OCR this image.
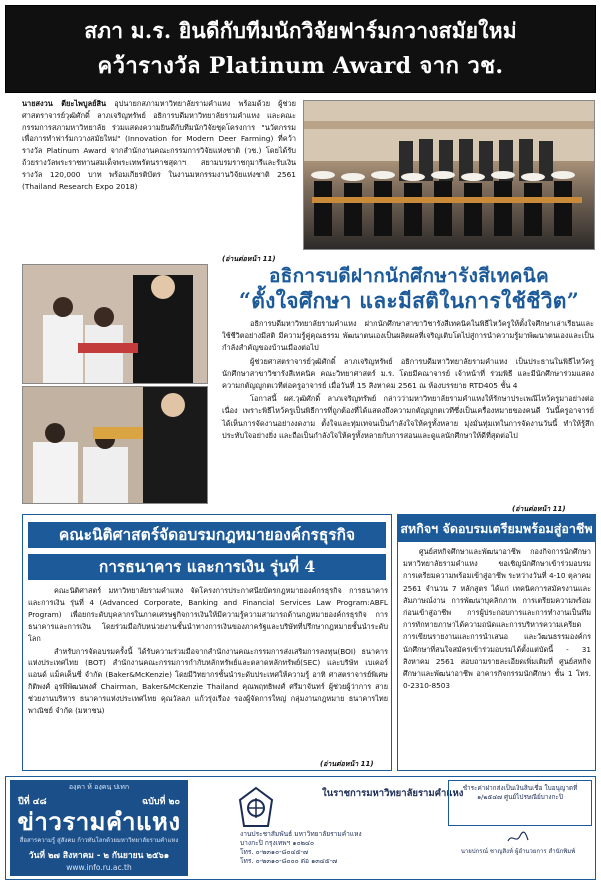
สภา ม.ร. ยินดีกับทีมนักวิจัยฟาร์มกวางสมัยใหม่
คว้ารางวัล Platinum Award จาก วช.
นายสงวน ตียะไพบูลย์สิน อุปนายกสภามหาวิทยาลัยรามคำแหง พร้อมด้วย ผู้ช่วยศาสตราจารย์วุฒิศักดิ์ ลาภเจริญทรัพย์ อธิการบดีมหาวิทยาลัยรามคำแหง และคณะกรรมการสภามหาวิทยาลัย ร่วมแสดงความยินดีกับทีมนักวิจัยชุดโครงการ "นวัตกรรมเพื่อการทำฟาร์มกวางสมัยใหม่" (Innovation for Modern Deer Farming) ที่คว้ารางวัล Platinum Award จากสำนักงานคณะกรรมการวิจัยแห่งชาติ (วช.) โดยได้รับถ้วยรางวัลพระราชทานสมเด็จพระเทพรัตนราชสุดาฯ สยามบรมราชกุมารีและรับเงินรางวัล 120,000 บาท พร้อมเกียรติบัตร ในงานมหกรรมงานวิจัยแห่งชาติ 2561 (Thailand Research Expo 2018)
(อ่านต่อหน้า 11)
อธิการบดีฝากนักศึกษารังสีเทคนิค
“ตั้งใจศึกษา และมีสติในการใช้ชีวิต”

อธิการบดีมหาวิทยาลัยรามคำแหง ฝากนักศึกษาสาขาวิชารังสีเทคนิคในพิธีไหว้ครูให้ตั้งใจศึกษาเล่าเรียนและใช้ชีวิตอย่างมีสติ มีความรู้คู่คุณธรรม พัฒนาตนเองเป็นผลิตผลที่เจริญเติบโตไปสู่การนำความรู้มาพัฒนาตนเองและเป็นกำลังสำคัญของบ้านเมืองต่อไป

ผู้ช่วยศาสตราจารย์วุฒิศักดิ์ ลาภเจริญทรัพย์ อธิการบดีมหาวิทยาลัยรามคำแหง เป็นประธานในพิธีไหว้ครูนักศึกษาสาขาวิชารังสีเทคนิค คณะวิทยาศาสตร์ ม.ร. โดยมีคณาจารย์ เจ้าหน้าที่ ร่วมพิธี และมีนักศึกษาร่วมแสดงความกตัญญูกตเวทีต่อครูอาจารย์ เมื่อวันที่ 15 สิงหาคม 2561 ณ ห้องบรรยาย RTD405 ชั้น 4

โอกาสนี้ ผศ.วุฒิศักดิ์ ลาภเจริญทรัพย์ กล่าวว่ามหาวิทยาลัยรามคำแหงให้รักษาประเพณีไหว้ครูมาอย่างต่อเนื่อง เพราะพิธีไหว้ครูเป็นพิธีการที่ถูกต้องที่ได้แสดงถึงความกตัญญูกตเวทีซึ่งเป็นเครื่องหมายของคนดี วันนี้ครูอาจารย์ได้เห็นการจัดงานอย่างงดงาม ตั้งใจและทุ่มเทจนเป็นกำลังใจให้ครูทั้งหลาย มุ่งมั่นทุ่มเทในการจัดงานวันนี้ ทำให้รู้สึกประทับใจอย่างยิ่ง และถือเป็นกำลังใจให้ครูทั้งหลายกับการสอนและดูแลนักศึกษาให้ดีที่สุดต่อไป

(อ่านต่อหน้า 11)
คณะนิติศาสตร์จัดอบรมกฎหมายองค์กรธุรกิจ
การธนาคาร และการเงิน รุ่นที่ 4

คณะนิติศาสตร์ มหาวิทยาลัยรามคำแหง จัดโครงการประกาศนียบัตรกฎหมายองค์กรธุรกิจ การธนาคาร และการเงิน รุ่นที่ 4 (Advanced Corporate, Banking and Financial Services Law Program:ABFL Program) เพื่อยกระดับบุคลากรในภาคเศรษฐกิจการเงินให้มีความรู้ความสามารถด้านกฎหมายองค์กรธุรกิจ การธนาคารและการเงิน โดยร่วมมือกับหน่วยงานชั้นนำทางการเงินของภาครัฐและบริษัทที่ปรึกษากฎหมายชั้นนำระดับโลก

สำหรับการจัดอบรมครั้งนี้ ได้รับความร่วมมือจากสำนักงานคณะกรรมการส่งเสริมการลงทุน(BOI) ธนาคารแห่งประเทศไทย (BOT) สำนักงานคณะกรรมการกำกับหลักทรัพย์และตลาดหลักทรัพย์(SEC) และบริษัท เบเคอร์ แอนด์ แม็คเค็นซี่ จำกัด (Baker&McKenzie) โดยมีวิทยากรชั้นนำระดับประเทศให้ความรู้ อาทิ ศาสตราจารย์พิเศษ กิติพงศ์ อุรพีพัฒนพงศ์ Chairman, Baker&McKenzie Thailand คุณพฤทธิพงศ์ ศรีมาจันทร์ ผู้ช่วยผู้ว่าการ สายช่วยงานบริหาร ธนาคารแห่งประเทศไทย คุณวัลลภ แก้วรุ่งเรือง รองผู้จัดการใหญ่ กลุ่มงานกฎหมาย ธนาคารไทยพาณิชย์ จำกัด (มหาชน)

(อ่านต่อหน้า 11)
สหกิจฯ จัดอบรมเตรียมพร้อมสู่อาชีพ

ศูนย์สหกิจศึกษาและพัฒนาอาชีพ กองกิจการนักศึกษา มหาวิทยาลัยรามคำแหง ขอเชิญนักศึกษาเข้าร่วมอบรมการเตรียมความพร้อมเข้าสู่อาชีพ ระหว่างวันที่ 4-10 ตุลาคม 2561 จำนวน 7 หลักสูตร ได้แก่ เทคนิคการสมัครงานและสัมภาษณ์งาน การพัฒนาบุคลิกภาพ การเตรียมความพร้อมก่อนเข้าสู่อาชีพ การผู้ประกอบการและการทำงานเป็นทีม การทักทายภาษาได้ความถนัดและการบริหารความเครียด การเขียนรายงานและการนำเสนอ และวัฒนธรรมองค์กร นักศึกษาที่สนใจสมัครเข้าร่วมอบรมได้ตั้งแต่บัดนี้ - 31 สิงหาคม 2561 สอบถามรายละเอียดเพิ่มเติมที่ ศูนย์สหกิจศึกษาและพัฒนาอาชีพ อาคารกิจกรรมนักศึกษา ชั้น 1 โทร. 0-2310-8503

องฺคา ห้ องฺคนฺ ปเทก
ปีที่ ๔๘	ฉบับที่ ๒๐
ข่าวรามคำแหง
สื่อสารความรู้ สู่สังคม ก้าวทันโลกด้วยมหาวิทยาลัยรามคำแหง
วันที่ ๒๗ สิงหาคม - ๒ กันยายน ๒๕๖๑
www.info.ru.ac.th
ในราชการมหาวิทยาลัยรามคำแหง
งานประชาสัมพันธ์ มหาวิทยาลัยรามคำแหง
บางกะปิ กรุงเทพฯ ๑๐๒๔๐
โทร. ๐-๒๓๑๐-๘๐๔๕-๗
โทร. ๐-๒๓๑๐-๘๐๐๐ ต่อ ๑๓๔๕-๗
ชำระค่าฝากส่งเป็นเงินสินเชื่อ ใบอนุญาตที่ ๑/๒๕๔๗ ศูนย์ไปรษณีย์บางกะปิ
นายปกรณ์ ชาญสิงห์ ผู้อำนวยการ สำนักพิมพ์
